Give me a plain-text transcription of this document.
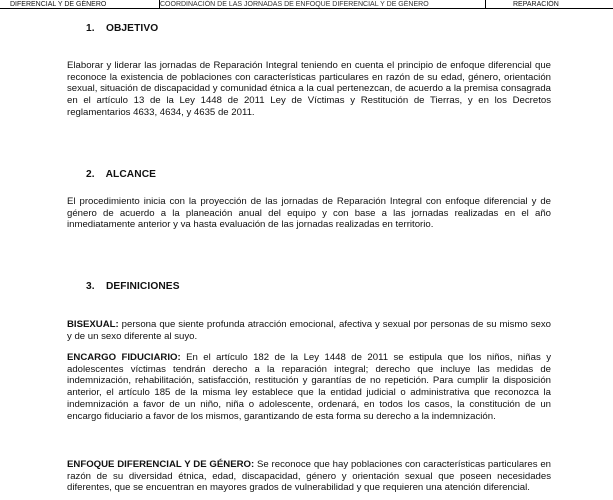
DIFERENCIAL Y DE GÉNERO	COORDINACIÓN DE LAS JORNADAS DE ENFOQUE DIFERENCIAL Y DE GÉNERO	REPARACIÓN
1. OBJETIVO
Elaborar y liderar las jornadas de Reparación Integral teniendo en cuenta el principio de enfoque diferencial que reconoce la existencia de poblaciones con características particulares en razón de su edad, género, orientación sexual, situación de discapacidad y comunidad étnica a la cual pertenezcan, de acuerdo a la premisa consagrada en el artículo 13 de la Ley 1448 de 2011 Ley de Víctimas y Restitución de Tierras, y en los Decretos reglamentarios 4633, 4634, y 4635 de 2011.
2. ALCANCE
El procedimiento inicia con la proyección de las jornadas de Reparación Integral con enfoque diferencial y de género de acuerdo a la planeación anual del equipo y con base a las jornadas realizadas en el año inmediatamente anterior y va hasta evaluación de las jornadas realizadas en territorio.
3. DEFINICIONES
BISEXUAL: persona que siente profunda atracción emocional, afectiva y sexual por personas de su mismo sexo y de un sexo diferente al suyo.
ENCARGO FIDUCIARIO: En el artículo 182 de la Ley 1448 de 2011 se estipula que los niños, niñas y adolescentes víctimas tendrán derecho a la reparación integral; derecho que incluye las medidas de indemnización, rehabilitación, satisfacción, restitución y garantías de no repetición. Para cumplir la disposición anterior, el artículo 185 de la misma ley establece que la entidad judicial o administrativa que reconozca la indemnización a favor de un niño, niña o adolescente, ordenará, en todos los casos, la constitución de un encargo fiduciario a favor de los mismos, garantizando de esta forma su derecho a la indemnización.
ENFOQUE DIFERENCIAL Y DE GÉNERO: Se reconoce que hay poblaciones con características particulares en razón de su diversidad étnica, edad, discapacidad, género y orientación sexual que poseen necesidades diferentes, que se encuentran en mayores grados de vulnerabilidad y que requieren una atención diferencial.
